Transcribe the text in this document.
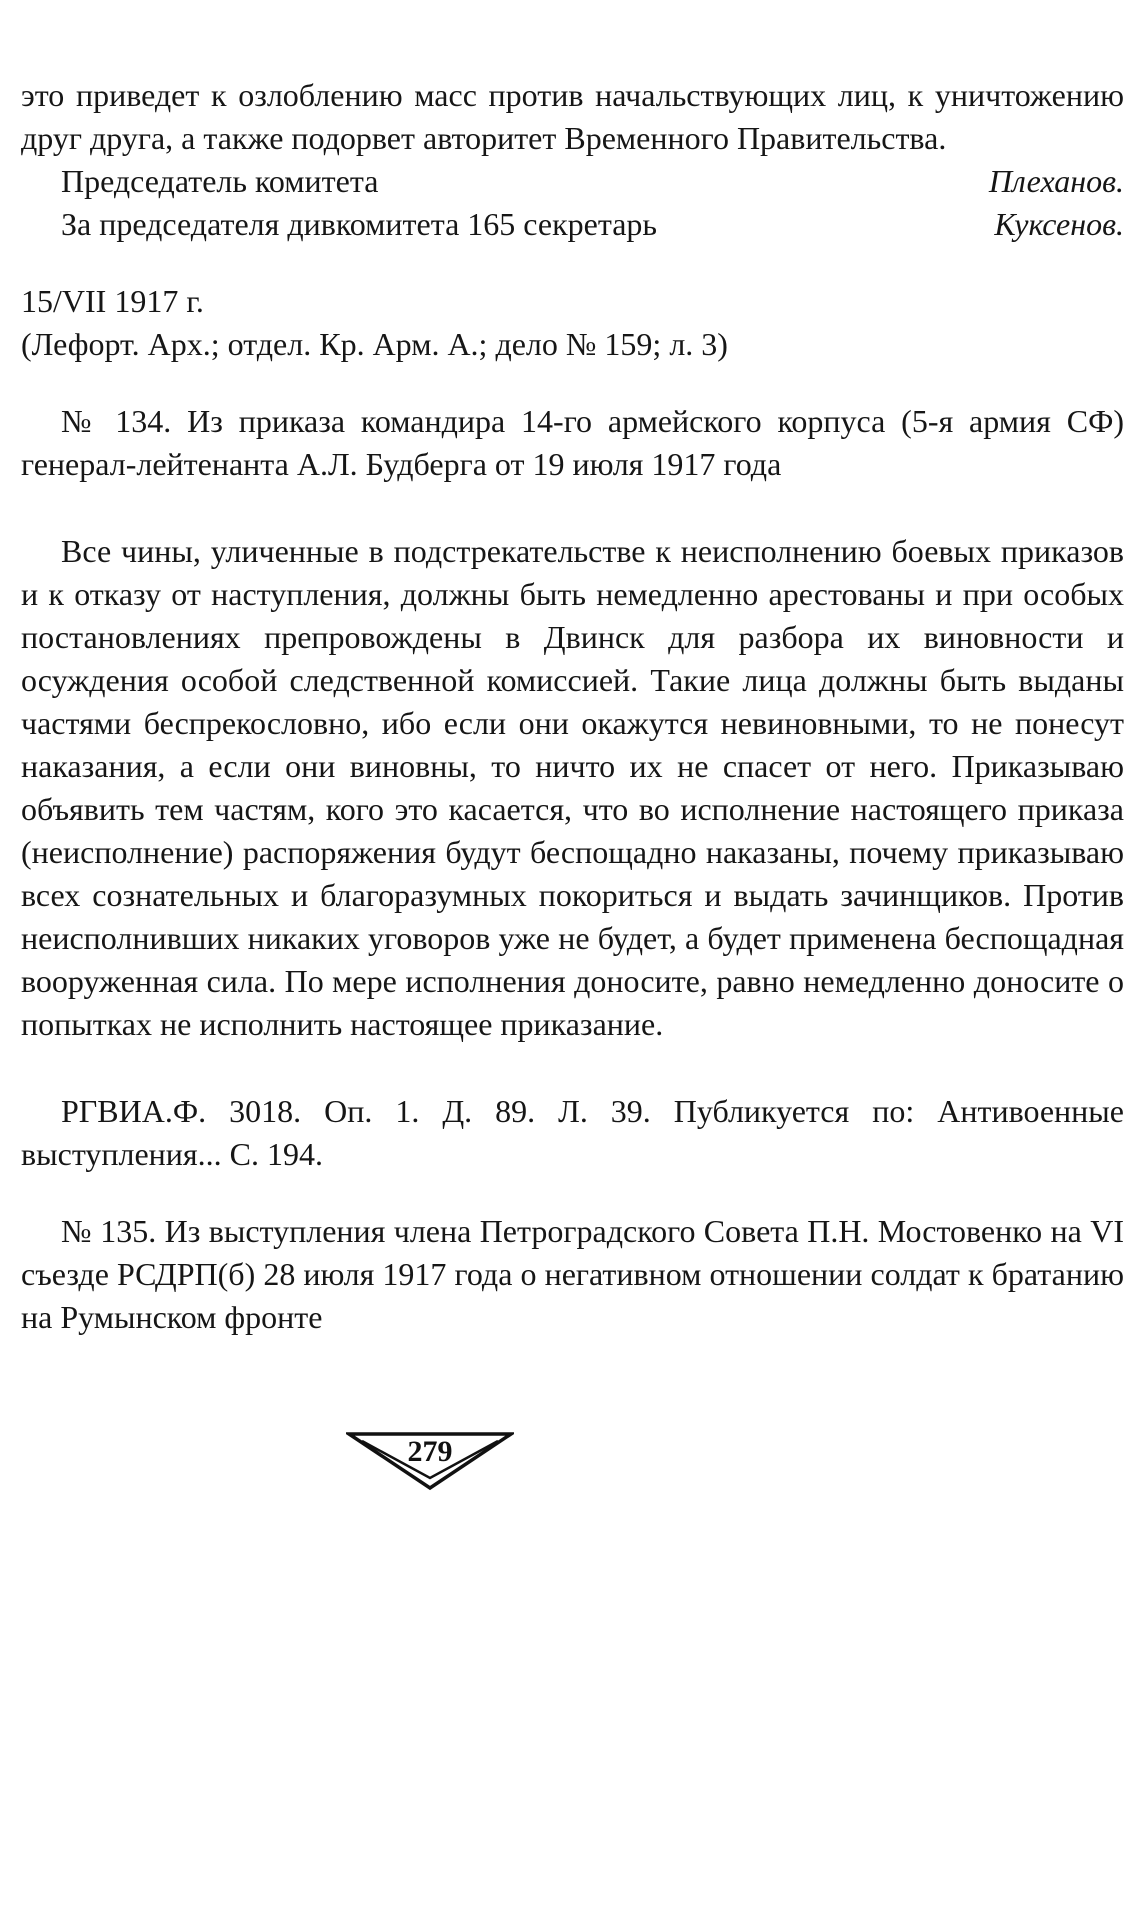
это приведет к озлоблению масс против начальствующих лиц, к уничтожению друг друга, а также подорвет авторитет Временного Правительства.

Председатель комитета	Плеханов.
За председателя дивкомитета 165 секретарь	Куксенов.

15/VII 1917 г.

(Лефорт. Арх.; отдел. Кр. Арм. А.; дело № 159; л. 3)

№ 134. Из приказа командира 14-го армейского корпуса (5-я армия СФ) генерал-лейтенанта А.Л. Будберга от 19 июля 1917 года

Все чины, уличенные в подстрекательстве к неисполнению боевых приказов и к отказу от наступления, должны быть немедленно арестованы и при особых постановлениях препровождены в Двинск для разбора их виновности и осуждения особой следственной комиссией. Такие лица должны быть выданы частями беспрекословно, ибо если они окажутся невиновными, то не понесут наказания, а если они виновны, то ничто их не спасет от него. Приказываю объявить тем частям, кого это касается, что во исполнение настоящего приказа (неисполнение) распоряжения будут беспощадно наказаны, почему приказываю всех сознательных и благоразумных покориться и выдать зачинщиков. Против неисполнивших никаких уговоров уже не будет, а будет применена беспощадная вооруженная сила. По мере исполнения доносите, равно немедленно доносите о попытках не исполнить настоящее приказание.

РГВИА.Ф. 3018. Оп. 1. Д. 89. Л. 39. Публикуется по: Антивоенные выступления... С. 194.

№ 135. Из выступления члена Петроградского Совета П.Н. Мостовенко на VI съезде РСДРП(б) 28 июля 1917 года о негативном отношении солдат к братанию на Румынском фронте

279
